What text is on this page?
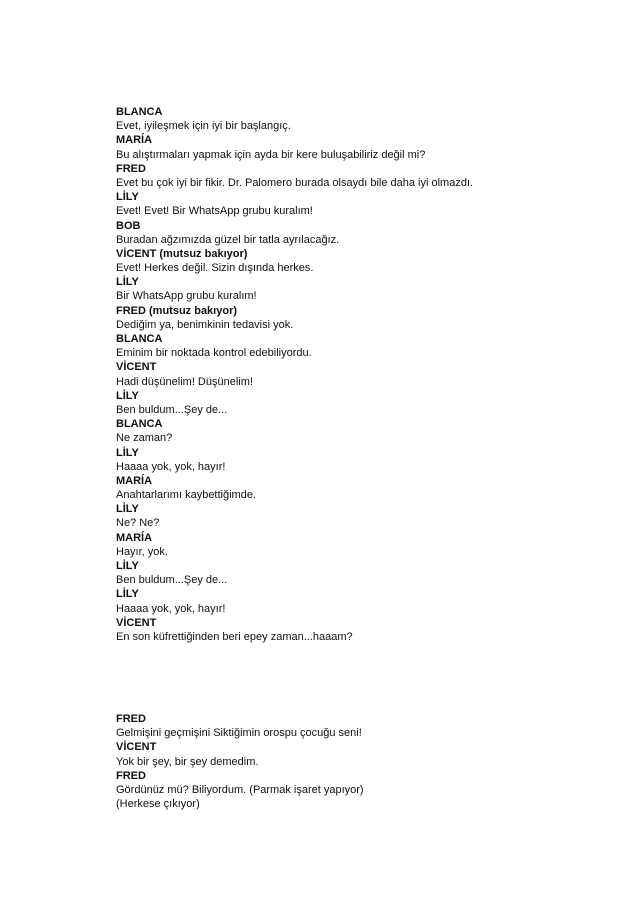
BLANCA
Evet, iyileşmek için iyi bir başlangıç.
MARÍA
Bu alıştırmaları yapmak için ayda bir kere buluşabiliriz değil mi?
FRED
Evet bu çok iyi bir fikir. Dr. Palomero burada olsaydı bile daha iyi olmazdı.
LİLY
Evet! Evet! Bir WhatsApp grubu kuralım!
BOB
Buradan ağzımızda güzel bir tatla ayrılacağız.
VİCENT (mutsuz bakıyor)
Evet! Herkes değil. Sizin dışında herkes.
LİLY
Bir WhatsApp grubu kuralım!
FRED (mutsuz bakıyor)
Dediğim ya, benimkinin tedavisi yok.
BLANCA
Eminim bir noktada kontrol edebiliyordu.
VİCENT
Hadi düşünelim! Düşünelim!
LİLY
Ben buldum...Şey de...
BLANCA
Ne zaman?
LİLY
Haaaa yok, yok, hayır!
MARÍA
Anahtarlarımı kaybettiğimde.
LİLY
Ne? Ne?
MARÍA
Hayır, yok.
LİLY
Ben buldum...Şey de...
LİLY
Haaaa yok, yok, hayır!
VİCENT
En son küfrettiğinden beri epey zaman...haaam?
FRED
Gelmişini geçmişini Siktiğimin orospu çocuğu seni!
VİCENT
Yok bir şey, bir şey demedim.
FRED
Gördünüz mü? Biliyordum. (Parmak işaret yapıyor)
(Herkese çıkıyor)
